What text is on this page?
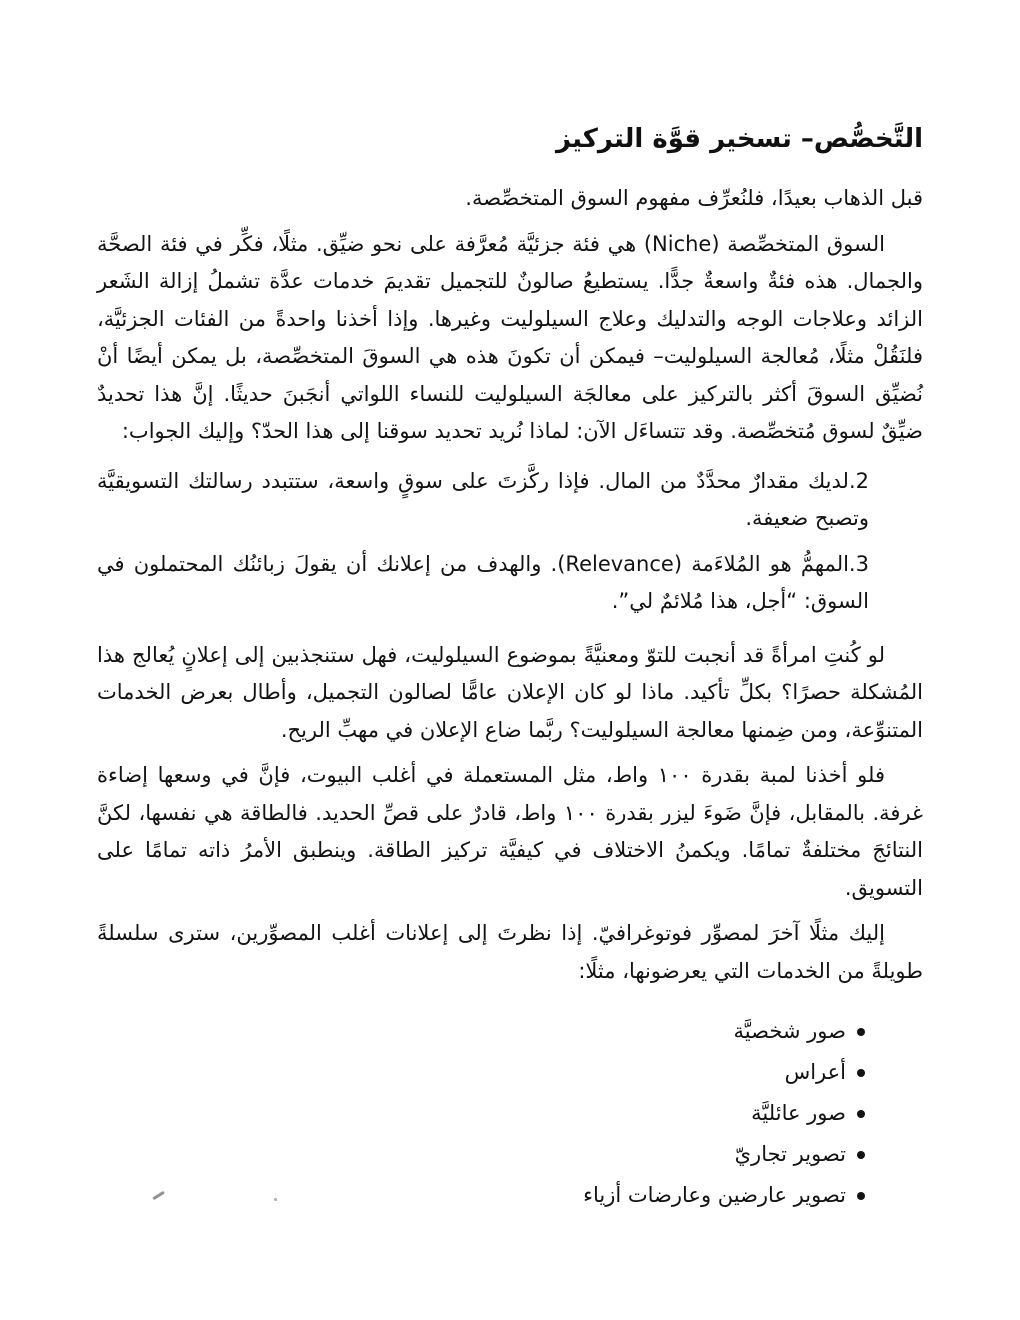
التَّخصُّص– تسخير قوَّة التركيز

قبل الذهاب بعيدًا، فلنُعرِّف مفهوم السوق المتخصِّصة.

السوق المتخصِّصة (Niche) هي فئة جزئيَّة مُعرَّفة على نحو ضيِّق. مثلًا، فكِّر في فئة الصحَّة والجمال. هذه فئةٌ واسعةٌ جدًّا. يستطيعُ صالونٌ للتجميل تقديمَ خدمات عدَّة تشملُ إزالة الشَعر الزائد وعلاجات الوجه والتدليك وعلاج السيلوليت وغيرها. وإذا أخذنا واحدةً من الفئات الجزئيَّة، فلنَقُلْ مثلًا، مُعالجة السيلوليت– فيمكن أن تكونَ هذه هي السوقَ المتخصِّصة، بل يمكن أيضًا أنْ نُضيِّق السوقَ أكثر بالتركيز على معالجَة السيلوليت للنساء اللواتي أنجَبنَ حديثًا. إنَّ هذا تحديدٌ ضيِّقٌ لسوق مُتخصِّصة. وقد تتساءَل الآن: لماذا نُريد تحديد سوقنا إلى هذا الحدّ؟ وإليك الجواب:

2.لديك مقدارٌ محدَّدٌ من المال. فإذا ركَّزتَ على سوقٍ واسعة، ستتبدد رسالتك التسويقيَّة وتصبح ضعيفة.
3.المهمُّ هو المُلاءَمة (Relevance). والهدف من إعلانك أن يقولَ زبائنُك المحتملون في السوق: “أجل، هذا مُلائمٌ لي”.

لو كُنتِ امرأةً قد أنجبت للتوّ ومعنيَّةً بموضوع السيلوليت، فهل ستنجذبين إلى إعلانٍ يُعالج هذا المُشكلة حصرًا؟ بكلِّ تأكيد. ماذا لو كان الإعلان عامًّا لصالون التجميل، وأطال بعرض الخدمات المتنوِّعة، ومن ضِمنها معالجة السيلوليت؟ ربَّما ضاع الإعلان في مهبِّ الريح.

فلو أخذنا لمبة بقدرة ١٠٠ واط، مثل المستعملة في أغلب البيوت، فإنَّ في وسعها إضاءة غرفة. بالمقابل، فإنَّ ضَوءَ ليزر بقدرة ١٠٠ واط، قادرٌ على قصِّ الحديد. فالطاقة هي نفسها، لكنَّ النتائجَ مختلفةٌ تمامًا. ويكمنُ الاختلاف في كيفيَّة تركيز الطاقة. وينطبق الأمرُ ذاته تمامًا على التسويق.

إليك مثلًا آخرَ لمصوِّر فوتوغرافيّ. إذا نظرتَ إلى إعلانات أغلب المصوِّرين، سترى سلسلةً طويلةً من الخدمات التي يعرضونها، مثلًا:

صور شخصيَّة
أعراس
صور عائليَّة
تصوير تجاريّ
تصوير عارضين وعارضات أزياء
